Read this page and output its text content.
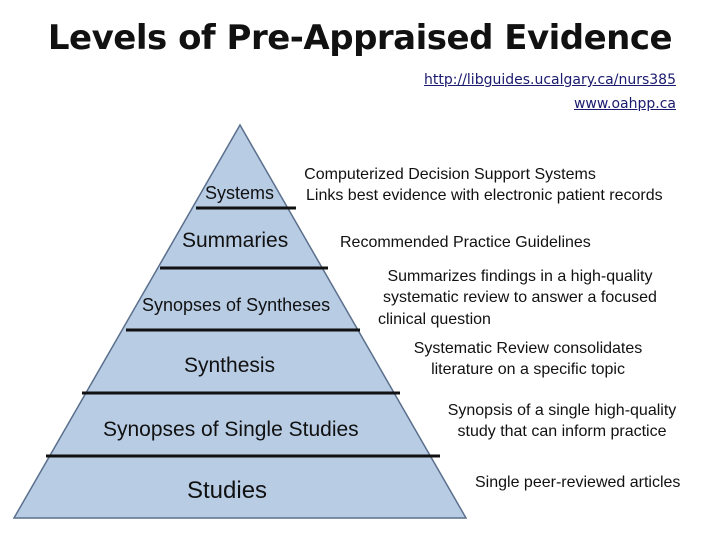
Levels of Pre-Appraised Evidence
http://libguides.ucalgary.ca/nurs385
www.oahpp.ca
Systems
Summaries
Synopses of Syntheses
Synthesis
Synopses of Single Studies
Studies
Computerized Decision Support Systems
Links best evidence with electronic patient records
Recommended Practice Guidelines
Summarizes findings in a high-quality
systematic review to answer a focused
clinical question
Systematic Review consolidates
literature on a specific topic
Synopsis of a single high-quality
study that can inform practice
Single peer-reviewed articles
